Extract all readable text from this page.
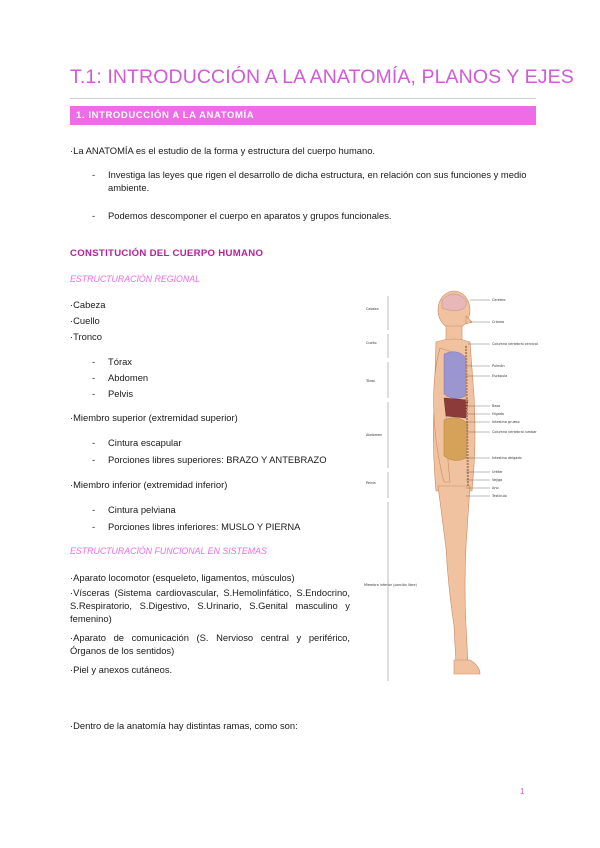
T.1: INTRODUCCIÓN A LA ANATOMÍA, PLANOS Y EJES
1. INTRODUCCIÓN A LA ANATOMÍA
·La ANATOMÍA es el estudio de la forma y estructura del cuerpo humano.
- Investiga las leyes que rigen el desarrollo de dicha estructura, en relación con sus funciones y medio ambiente.
- Podemos descomponer el cuerpo en aparatos y grupos funcionales.
CONSTITUCIÓN DEL CUERPO HUMANO
ESTRUCTURACIÓN REGIONAL
·Cabeza
·Cuello
·Tronco
- Tórax
- Abdomen
- Pelvis
·Miembro superior (extremidad superior)
- Cintura escapular
- Porciones libres superiores: BRAZO Y ANTEBRAZO
·Miembro inferior (extremidad inferior)
- Cintura pelviana
- Porciones libres inferiores: MUSLO Y PIERNA
ESTRUCTURACIÓN FUNCIONAL EN SISTEMAS
·Aparato locomotor (esqueleto, ligamentos, músculos)
·Vísceras (Sistema cardiovascular, S.Hemolinfático, S.Endocrino, S.Respiratorio, S.Digestivo, S.Urinario, S.Genital masculino y femenino)
·Aparato de comunicación (S. Nervioso central y periférico, Órganos de los sentidos)
·Piel y anexos cutáneos.
·Dentro de la anatomía hay distintas ramas, como son:
Cabeza
Cuello
Tórax
Abdomen
Pelvis
Miembro inferior (porción libre)
Cerebro
Cráneo
Columna vertebral cervical
Pulmón
Escápula
Bazo
Hígado
Intestino grueso
Columna vertebral lumbar
Intestino delgado
Uréter
Vejiga
Ano
Testículo
1
